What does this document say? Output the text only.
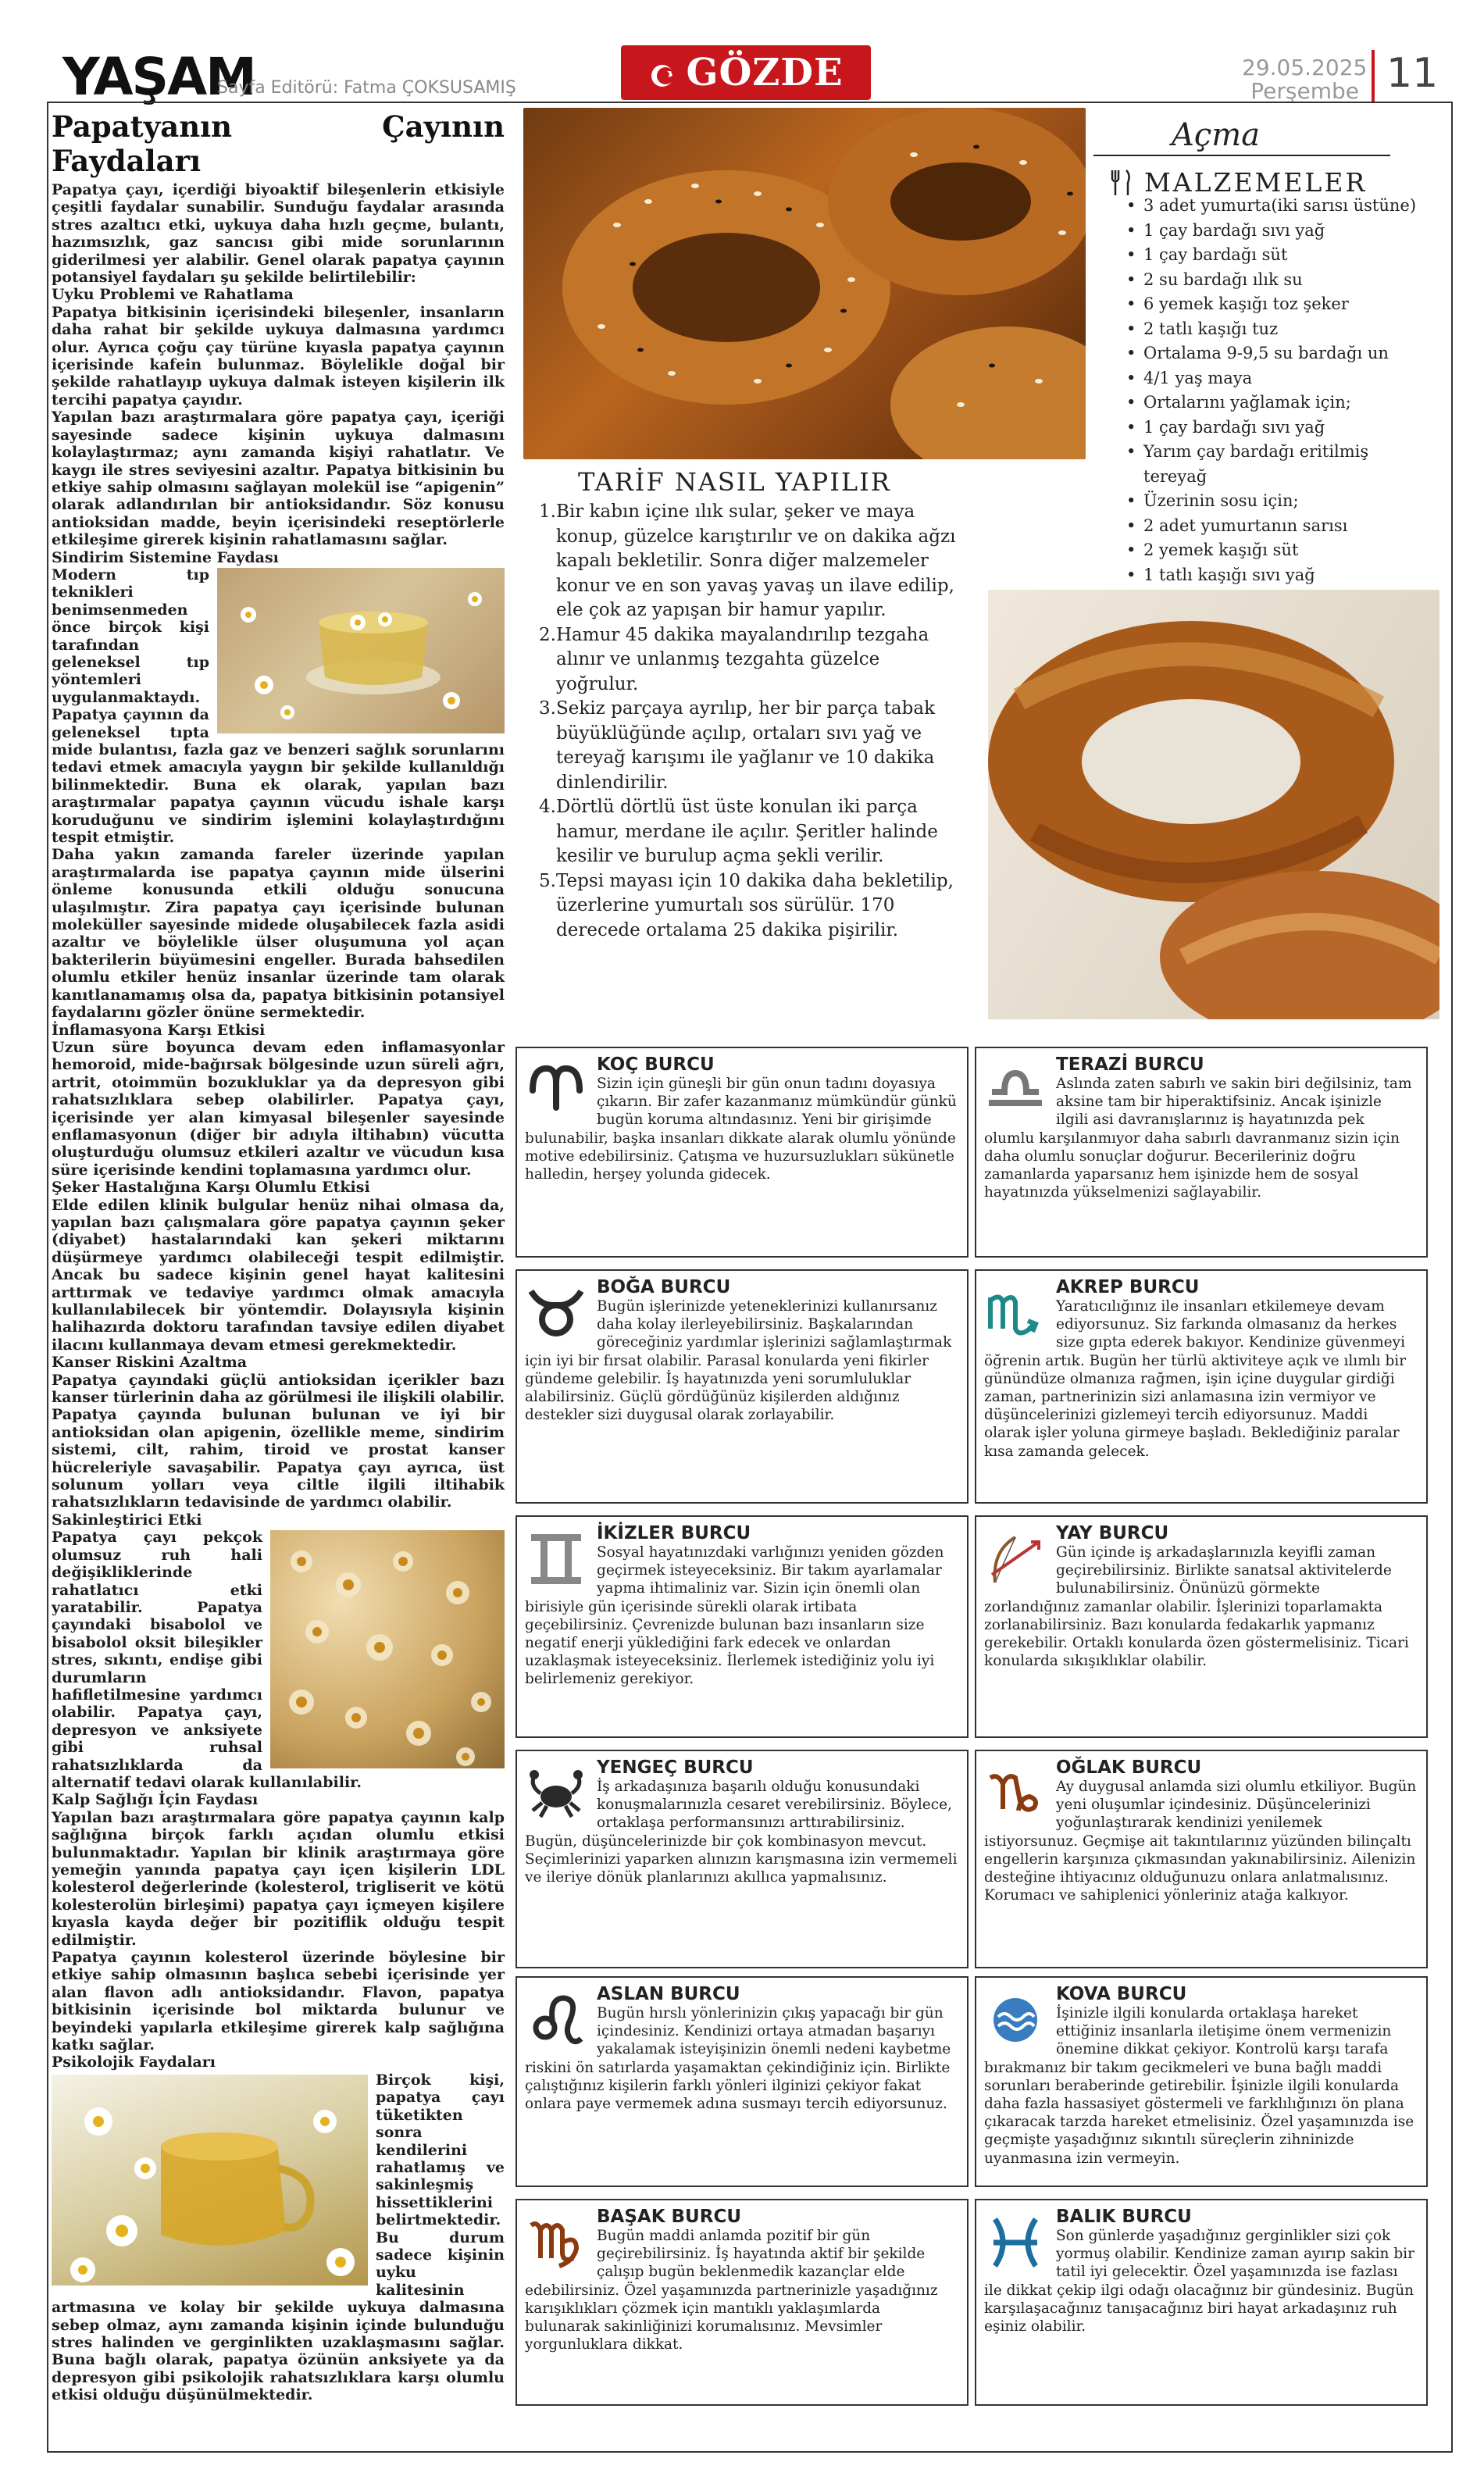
YAŞAM
Sayfa Editörü: Fatma ÇOKSUSAMIŞ	GÖZDE	29.05.2025
Perşembe 11
Papatyanın Çayının Faydaları

Papatya çayı, içerdiği biyoaktif bileşenlerin etkisiyle çeşitli faydalar sunabilir. Sunduğu faydalar arasında stres azaltıcı etki, uykuya daha hızlı geçme, bulantı, hazımsızlık, gaz sancısı gibi mide sorunlarının giderilmesi yer alabilir. Genel olarak papatya çayının potansiyel faydaları şu şekilde belirtilebilir:

Uyku Problemi ve Rahatlama

Papatya bitkisinin içerisindeki bileşenler, insanların daha rahat bir şekilde uykuya dalmasına yardımcı olur. Ayrıca çoğu çay türüne kıyasla papatya çayının içerisinde kafein bulunmaz. Böylelikle doğal bir şekilde rahatlayıp uykuya dalmak isteyen kişilerin ilk tercihi papatya çayıdır.

Yapılan bazı araştırmalara göre papatya çayı, içeriği sayesinde sadece kişinin uykuya dalmasını kolaylaştırmaz; aynı zamanda kişiyi rahatlatır. Ve kaygı ile stres seviyesini azaltır. Papatya bitkisinin bu etkiye sahip olmasını sağlayan molekül ise “apigenin” olarak adlandırılan bir antioksidandır. Söz konusu antioksidan madde, beyin içerisindeki reseptörlerle etkileşime girerek kişinin rahatlamasını sağlar.

Sindirim Sistemine Faydası

Modern tıp teknikleri benimsenmeden önce birçok kişi tarafından geleneksel tıp yöntemleri uygulanmaktaydı. Papatya çayının da geleneksel tıpta mide bulantısı, fazla gaz ve benzeri sağlık sorunlarını tedavi etmek amacıyla yaygın bir şekilde kullanıldığı bilinmektedir. Buna ek olarak, yapılan bazı araştırmalar papatya çayının vücudu ishale karşı koruduğunu ve sindirim işlemini kolaylaştırdığını tespit etmiştir.

Daha yakın zamanda fareler üzerinde yapılan araştırmalarda ise papatya çayının mide ülserini önleme konusunda etkili olduğu sonucuna ulaşılmıştır. Zira papatya çayı içerisinde bulunan moleküller sayesinde midede oluşabilecek fazla asidi azaltır ve böylelikle ülser oluşumuna yol açan bakterilerin büyümesini engeller. Burada bahsedilen olumlu etkiler henüz insanlar üzerinde tam olarak kanıtlanamamış olsa da, papatya bitkisinin potansiyel faydalarını gözler önüne sermektedir.

İnflamasyona Karşı Etkisi

Uzun süre boyunca devam eden inflamasyonlar hemoroid, mide-bağırsak bölgesinde uzun süreli ağrı, artrit, otoimmün bozukluklar ya da depresyon gibi rahatsızlıklara sebep olabilirler. Papatya çayı, içerisinde yer alan kimyasal bileşenler sayesinde enflamasyonun (diğer bir adıyla iltihabın) vücutta oluşturduğu olumsuz etkileri azaltır ve vücudun kısa süre içerisinde kendini toplamasına yardımcı olur.

Şeker Hastalığına Karşı Olumlu Etkisi

Elde edilen klinik bulgular henüz nihai olmasa da, yapılan bazı çalışmalara göre papatya çayının şeker (diyabet) hastalarındaki kan şekeri miktarını düşürmeye yardımcı olabileceği tespit edilmiştir. Ancak bu sadece kişinin genel hayat kalitesini arttırmak ve tedaviye yardımcı olmak amacıyla kullanılabilecek bir yöntemdir. Dolayısıyla kişinin halihazırda doktoru tarafından tavsiye edilen diyabet ilacını kullanmaya devam etmesi gerekmektedir.

Kanser Riskini Azaltma

Papatya çayındaki güçlü antioksidan içerikler bazı kanser türlerinin daha az görülmesi ile ilişkili olabilir. Papatya çayında bulunan bulunan ve iyi bir antioksidan olan apigenin, özellikle meme, sindirim sistemi, cilt, rahim, tiroid ve prostat kanser hücreleriyle savaşabilir. Papatya çayı ayrıca, üst solunum yolları veya ciltle ilgili iltihabik rahatsızlıkların tedavisinde de yardımcı olabilir.

Sakinleştirici Etki

Papatya çayı pekçok olumsuz ruh hali değişikliklerinde rahatlatıcı etki yaratabilir. Papatya çayındaki bisabolol ve bisabolol oksit bileşikler stres, sıkıntı, endişe gibi durumların hafifletilmesine yardımcı olabilir. Papatya çayı, depresyon ve anksiyete gibi ruhsal rahatsızlıklarda da alternatif tedavi olarak kullanılabilir.

Kalp Sağlığı İçin Faydası

Yapılan bazı araştırmalara göre papatya çayının kalp sağlığına birçok farklı açıdan olumlu etkisi bulunmaktadır. Yapılan bir klinik araştırmaya göre yemeğin yanında papatya çayı içen kişilerin LDL kolesterol değerlerinde (kolesterol, trigliserit ve kötü kolesterolün birleşimi) papatya çayı içmeyen kişilere kıyasla kayda değer bir pozitiflik olduğu tespit edilmiştir.

Papatya çayının kolesterol üzerinde böylesine bir etkiye sahip olmasının başlıca sebebi içerisinde yer alan flavon adlı antioksidandır. Flavon, papatya bitkisinin içerisinde bol miktarda bulunur ve beyindeki yapılarla etkileşime girerek kalp sağlığına katkı sağlar.

Psikolojik Faydaları

Birçok kişi, papatya çayı tüketikten sonra kendilerini rahatlamış ve sakinleşmiş hissettiklerini belirtmektedir. Bu durum sadece kişinin uyku kalitesinin artmasına ve kolay bir şekilde uykuya dalmasına sebep olmaz, aynı zamanda kişinin içinde bulunduğu stres halinden ve gerginlikten uzaklaşmasını sağlar. Buna bağlı olarak, papatya özünün anksiyete ya da depresyon gibi psikolojik rahatsızlıklara karşı olumlu etkisi olduğu düşünülmektedir.

Açma
MALZEMELER
• 3 adet yumurta(iki sarısı üstüne)
• 1 çay bardağı sıvı yağ
• 1 çay bardağı süt
• 2 su bardağı ılık su
• 6 yemek kaşığı toz şeker
• 2 tatlı kaşığı tuz
• Ortalama 9-9,5 su bardağı un
• 4/1 yaş maya
• Ortalarını yağlamak için;
• 1 çay bardağı sıvı yağ
• Yarım çay bardağı eritilmiş
tereyağ
• Üzerinin sosu için;
• 2 adet yumurtanın sarısı
• 2 yemek kaşığı süt
• 1 tatlı kaşığı sıvı yağ
TARİF NASIL YAPILIR
1. Bir kabın içine ılık sular, şeker ve maya konup, güzelce karıştırılır ve on dakika ağzı kapalı bekletilir. Sonra diğer malzemeler konur ve en son yavaş yavaş un ilave edilip, ele çok az yapışan bir hamur yapılır.
2. Hamur 45 dakika mayalandırılıp tezgaha alınır ve unlanmış tezgahta güzelce yoğrulur.
3. Sekiz parçaya ayrılıp, her bir parça tabak büyüklüğünde açılıp, ortaları sıvı yağ ve tereyağ karışımı ile yağlanır ve 10 dakika dinlendirilir.
4. Dörtlü dörtlü üst üste konulan iki parça hamur, merdane ile açılır. Şeritler halinde kesilir ve burulup açma şekli verilir.
5. Tepsi mayası için 10 dakika daha bekletilip, üzerlerine yumurtalı sos sürülür. 170 derecede ortalama 25 dakika pişirilir.
KOÇ BURCU
Sizin için güneşli bir gün onun tadını doyasıya çıkarın. Bir zafer kazanmanız mümkündür günkü bugün koruma altındasınız. Yeni bir girişimde bulunabilir, başka insanları dikkate alarak olumlu yönünde motive edebilirsiniz. Çatışma ve huzursuzlukları sükünetle halledin, herşey yolunda gidecek.
TERAZİ BURCU
Aslında zaten sabırlı ve sakin biri değilsiniz, tam aksine tam bir hiperaktifsiniz. Ancak işinizle ilgili asi davranışlarınız iş hayatınızda pek olumlu karşılanmıyor daha sabırlı davranmanız sizin için daha olumlu sonuçlar doğurur. Becerileriniz doğru zamanlarda yaparsanız hem işinizde hem de sosyal hayatınızda yükselmenizi sağlayabilir.
BOĞA BURCU
Bugün işlerinizde yeteneklerinizi kullanırsanız daha kolay ilerleyebilirsiniz. Başkalarından göreceğiniz yardımlar işlerinizi sağlamlaştırmak için iyi bir fırsat olabilir. Parasal konularda yeni fikirler gündeme gelebilir. İş hayatınızda yeni sorumluluklar alabilirsiniz. Güçlü gördüğünüz kişilerden aldığınız destekler sizi duygusal olarak zorlayabilir.
AKREP BURCU
Yaratıcılığınız ile insanları etkilemeye devam ediyorsunuz. Siz farkında olmasanız da herkes size gıpta ederek bakıyor. Kendinize güvenmeyi öğrenin artık. Bugün her türlü aktiviteye açık ve ılımlı bir günündüze olmanıza rağmen, işin içine duygular girdiği zaman, partnerinizin sizi anlamasına izin vermiyor ve düşüncelerinizi gizlemeyi tercih ediyorsunuz. Maddi olarak işler yoluna girmeye başladı. Beklediğiniz paralar kısa zamanda gelecek.
İKİZLER BURCU
Sosyal hayatınızdaki varlığınızı yeniden gözden geçirmek isteyeceksiniz. Bir takım ayarlamalar yapma ihtimaliniz var. Sizin için önemli olan birisiyle gün içerisinde sürekli olarak irtibata geçebilirsiniz. Çevrenizde bulunan bazı insanların size negatif enerji yüklediğini fark edecek ve onlardan uzaklaşmak isteyeceksiniz. İlerlemek istediğiniz yolu iyi belirlemeniz gerekiyor.
YAY BURCU
Gün içinde iş arkadaşlarınızla keyifli zaman geçirebilirsiniz. Birlikte sanatsal aktivitelerde bulunabilirsiniz. Önünüzü görmekte zorlandığınız zamanlar olabilir. İşlerinizi toparlamakta zorlanabilirsiniz. Bazı konularda fedakarlık yapmanız gerekebilir. Ortaklı konularda özen göstermelisiniz. Ticari konularda sıkışıklıklar olabilir.
YENGEÇ BURCU
İş arkadaşınıza başarılı olduğu konusundaki konuşmalarınızla cesaret verebilirsiniz. Böylece, ortaklaşa performansınızı arttırabilirsiniz. Bugün, düşüncelerinizde bir çok kombinasyon mevcut. Seçimlerinizi yaparken alınızın karışmasına izin vermemeli ve ileriye dönük planlarınızı akıllıca yapmalısınız.
OĞLAK BURCU
Ay duygusal anlamda sizi olumlu etkiliyor. Bugün yeni oluşumlar içindesiniz. Düşüncelerinizi yoğunlaştırarak kendinizi yenilemek istiyorsunuz. Geçmişe ait takıntılarınız yüzünden bilinçaltı engellerin karşınıza çıkmasından yakınabilirsiniz. Ailenizin desteğine ihtiyacınız olduğunuzu onlara anlatmalısınız. Korumacı ve sahiplenici yönleriniz atağa kalkıyor.
ASLAN BURCU
Bugün hırslı yönlerinizin çıkış yapacağı bir gün içindesiniz. Kendinizi ortaya atmadan başarıyı yakalamak isteyişinizin önemli nedeni kaybetme riskini ön satırlarda yaşamaktan çekindiğiniz için. Birlikte çalıştığınız kişilerin farklı yönleri ilginizi çekiyor fakat onlara paye vermemek adına susmayı tercih ediyorsunuz.
KOVA BURCU
İşinizle ilgili konularda ortaklaşa hareket ettiğiniz insanlarla iletişime önem vermenizin önemine dikkat çekiyor. Kontrolü karşı tarafa bırakmanız bir takım gecikmeleri ve buna bağlı maddi sorunları beraberinde getirebilir. İşinizle ilgili konularda daha fazla hassasiyet göstermeli ve farklılığınızı ön plana çıkaracak tarzda hareket etmelisiniz. Özel yaşamınızda ise geçmişte yaşadığınız sıkıntılı süreçlerin zihninizde uyanmasına izin vermeyin.
BAŞAK BURCU
Bugün maddi anlamda pozitif bir gün geçirebilirsiniz. İş hayatında aktif bir şekilde çalışıp bugün beklenmedik kazançlar elde edebilirsiniz. Özel yaşamınızda partnerinizle yaşadığınız karışıklıkları çözmek için mantıklı yaklaşımlarda bulunarak sakinliğinizi korumalısınız. Mevsimler yorgunluklara dikkat.
BALIK BURCU
Son günlerde yaşadığınız gerginlikler sizi çok yormuş olabilir. Kendinize zaman ayırıp sakin bir tatil iyi gelecektir. Özel yaşamınızda ise fazlası ile dikkat çekip ilgi odağı olacağınız bir gündesiniz. Bugün karşılaşacağınız tanışacağınız biri hayat arkadaşınız ruh eşiniz olabilir.
